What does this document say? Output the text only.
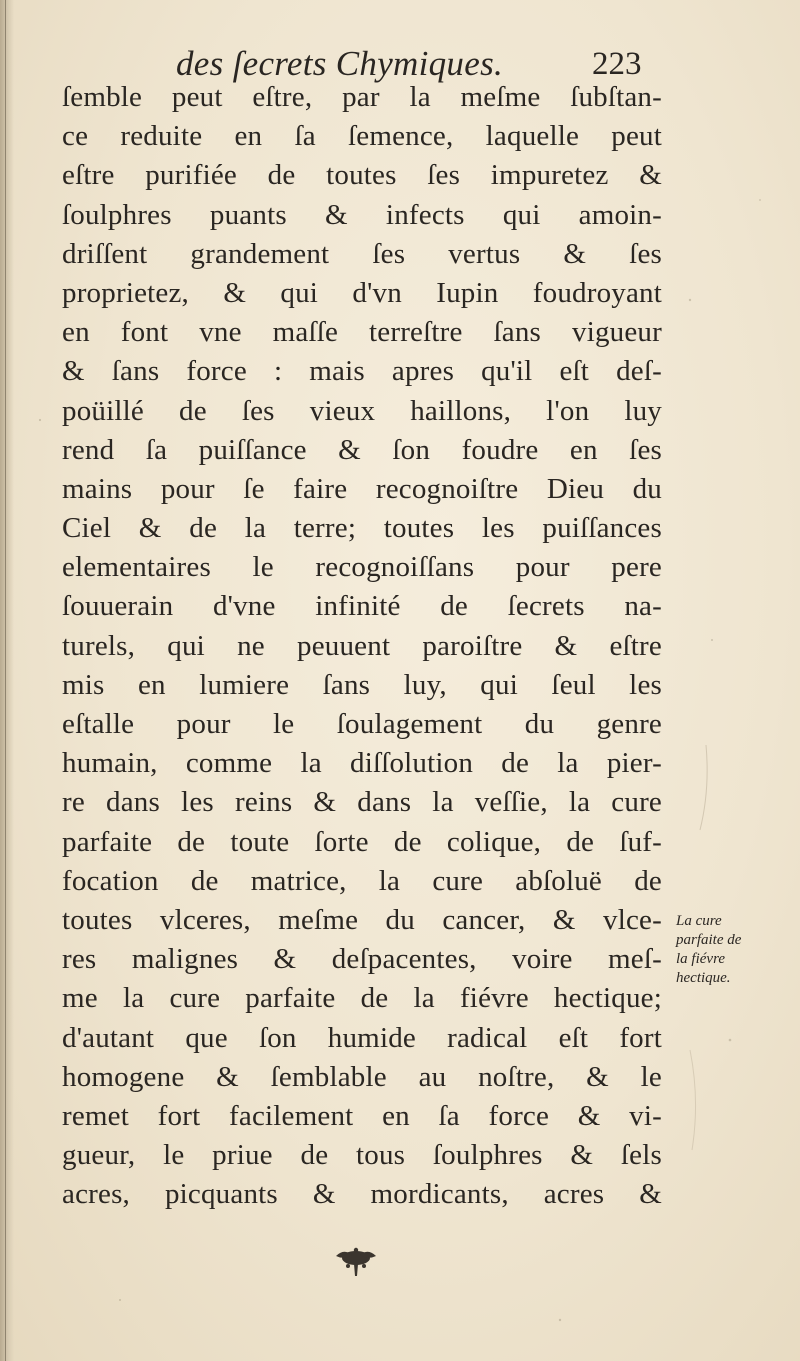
des ſecrets Chymiques.	223
ſemble peut eſtre, par la meſme ſubſtan-
ce reduite en ſa ſemence, laquelle peut
eſtre purifiée de toutes ſes impuretez &
ſoulphres puants & infects qui amoin-
driſſent grandement ſes vertus & ſes
proprietez, & qui d'vn Iupin foudroyant
en font vne maſſe terreſtre ſans vigueur
& ſans force : mais apres qu'il eſt deſ-
poüillé de ſes vieux haillons, l'on luy
rend ſa puiſſance & ſon foudre en ſes
mains pour ſe faire recognoiſtre Dieu du
Ciel & de la terre; toutes les puiſſances
elementaires le recognoiſſans pour pere
ſouuerain d'vne infinité de ſecrets na-
turels, qui ne peuuent paroiſtre & eſtre
mis en lumiere ſans luy, qui ſeul les
eſtalle pour le ſoulagement du genre
humain, comme la diſſolution de la pier-
re dans les reins & dans la veſſie, la cure
parfaite de toute ſorte de colique, de ſuf-
focation de matrice, la cure abſoluë de
toutes vlceres, meſme du cancer, & vlce-
res malignes & deſpacentes, voire meſ-
me la cure parfaite de la fiévre hectique;
d'autant que ſon humide radical eſt fort
homogene & ſemblable au noſtre, & le
remet fort facilement en ſa force & vi-
gueur, le priue de tous ſoulphres & ſels
acres, picquants & mordicants, acres &
La cure
parfaite de
la fiévre
hectique.
